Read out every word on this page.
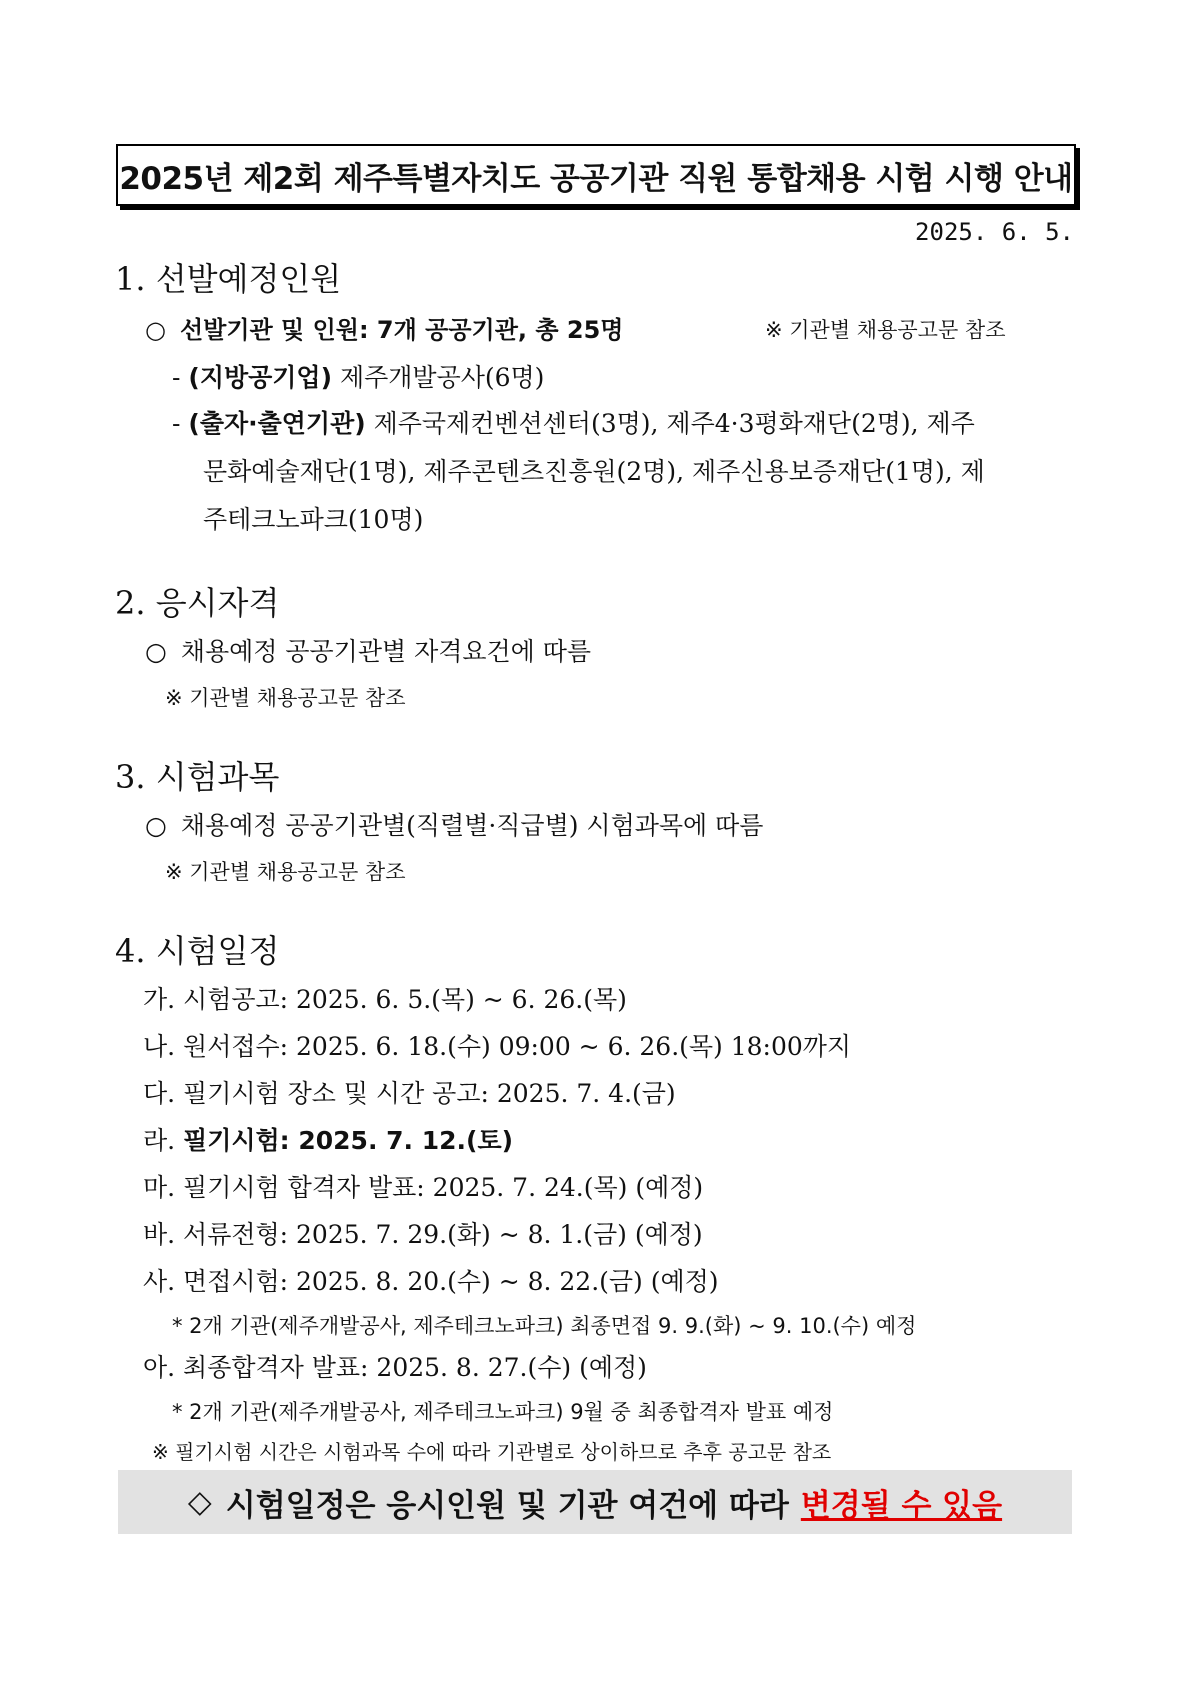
2025년 제2회 제주특별자치도 공공기관 직원 통합채용 시험 시행 안내
2025. 6. 5.
1. 선발예정인원
○ 선발기관 및 인원: 7개 공공기관, 총 25명	※ 기관별 채용공고문 참조
- (지방공기업) 제주개발공사(6명)
- (출자·출연기관) 제주국제컨벤션센터(3명), 제주4·3평화재단(2명), 제주
문화예술재단(1명), 제주콘텐츠진흥원(2명), 제주신용보증재단(1명), 제
주테크노파크(10명)
2. 응시자격
○ 채용예정 공공기관별 자격요건에 따름
※ 기관별 채용공고문 참조
3. 시험과목
○ 채용예정 공공기관별(직렬별·직급별) 시험과목에 따름
※ 기관별 채용공고문 참조
4. 시험일정
가. 시험공고: 2025. 6. 5.(목) ~ 6. 26.(목)
나. 원서접수: 2025. 6. 18.(수) 09:00 ~ 6. 26.(목) 18:00까지
다. 필기시험 장소 및 시간 공고: 2025. 7. 4.(금)
라. 필기시험: 2025. 7. 12.(토)
마. 필기시험 합격자 발표: 2025. 7. 24.(목) (예정)
바. 서류전형: 2025. 7. 29.(화) ~ 8. 1.(금) (예정)
사. 면접시험: 2025. 8. 20.(수) ~ 8. 22.(금) (예정)
* 2개 기관(제주개발공사, 제주테크노파크) 최종면접 9. 9.(화) ~ 9. 10.(수) 예정
아. 최종합격자 발표: 2025. 8. 27.(수) (예정)
* 2개 기관(제주개발공사, 제주테크노파크) 9월 중 최종합격자 발표 예정
※ 필기시험 시간은 시험과목 수에 따라 기관별로 상이하므로 추후 공고문 참조
◇ 시험일정은 응시인원 및 기관 여건에 따라 변경될 수 있음
